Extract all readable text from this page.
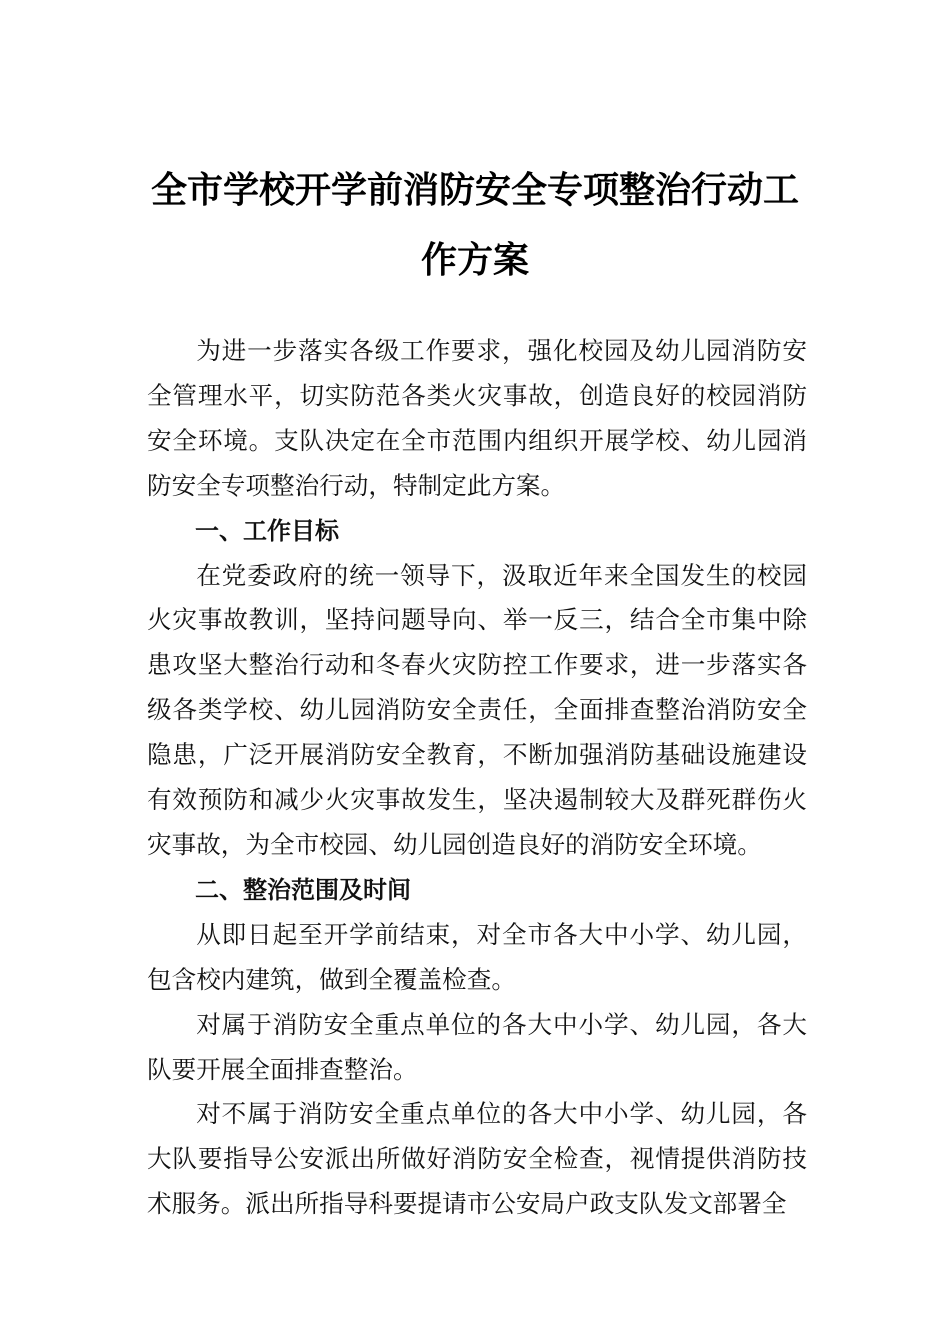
全市学校开学前消防安全专项整治行动工
作方案

为进一步落实各级工作要求，强化校园及幼儿园消防安全管理水平，切实防范各类火灾事故，创造良好的校园消防安全环境。支队决定在全市范围内组织开展学校、幼儿园消防安全专项整治行动，特制定此方案。

一、工作目标

在党委政府的统一领导下，汲取近年来全国发生的校园火灾事故教训，坚持问题导向、举一反三，结合全市集中除患攻坚大整治行动和冬春火灾防控工作要求，进一步落实各级各类学校、幼儿园消防安全责任，全面排查整治消防安全隐患，广泛开展消防安全教育，不断加强消防基础设施建设有效预防和减少火灾事故发生，坚决遏制较大及群死群伤火灾事故，为全市校园、幼儿园创造良好的消防安全环境。

二、整治范围及时间

从即日起至开学前结束，对全市各大中小学、幼儿园，包含校内建筑，做到全覆盖检查。

对属于消防安全重点单位的各大中小学、幼儿园，各大队要开展全面排查整治。

对不属于消防安全重点单位的各大中小学、幼儿园，各大队要指导公安派出所做好消防安全检查，视情提供消防技术服务。派出所指导科要提请市公安局户政支队发文部署全
